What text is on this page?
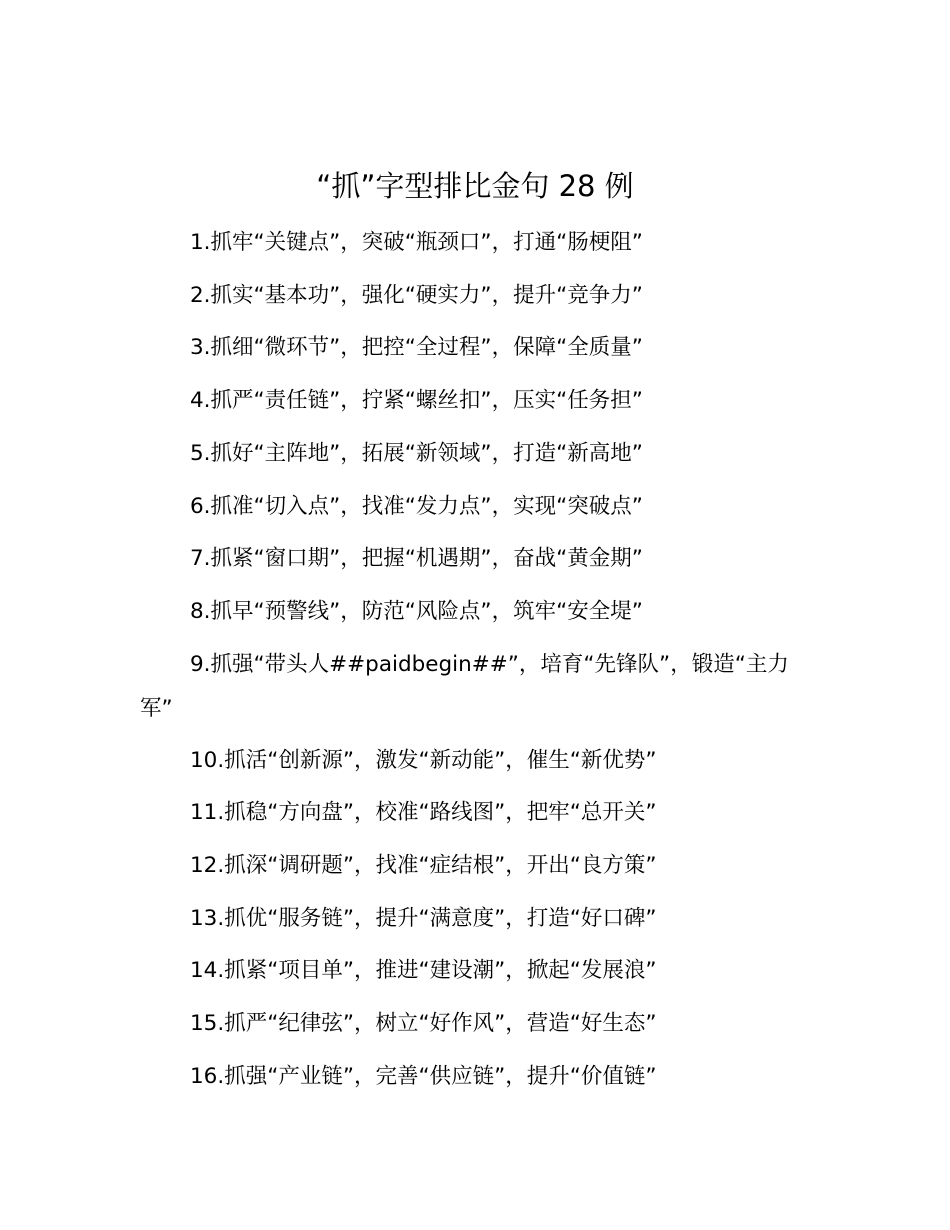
“抓”字型排比金句 28 例

1.抓牢“关键点”，突破“瓶颈口”，打通“肠梗阻”

2.抓实“基本功”，强化“硬实力”，提升“竞争力”

3.抓细“微环节”，把控“全过程”，保障“全质量”

4.抓严“责任链”，拧紧“螺丝扣”，压实“任务担”

5.抓好“主阵地”，拓展“新领域”，打造“新高地”

6.抓准“切入点”，找准“发力点”，实现“突破点”

7.抓紧“窗口期”，把握“机遇期”，奋战“黄金期”

8.抓早“预警线”，防范“风险点”，筑牢“安全堤”

9.抓强“带头人##paidbegin##”，培育“先锋队”，锻造“主力军”

10.抓活“创新源”，激发“新动能”，催生“新优势”

11.抓稳“方向盘”，校准“路线图”，把牢“总开关”

12.抓深“调研题”，找准“症结根”，开出“良方策”

13.抓优“服务链”，提升“满意度”，打造“好口碑”

14.抓紧“项目单”，推进“建设潮”，掀起“发展浪”

15.抓严“纪律弦”，树立“好作风”，营造“好生态”

16.抓强“产业链”，完善“供应链”，提升“价值链”
